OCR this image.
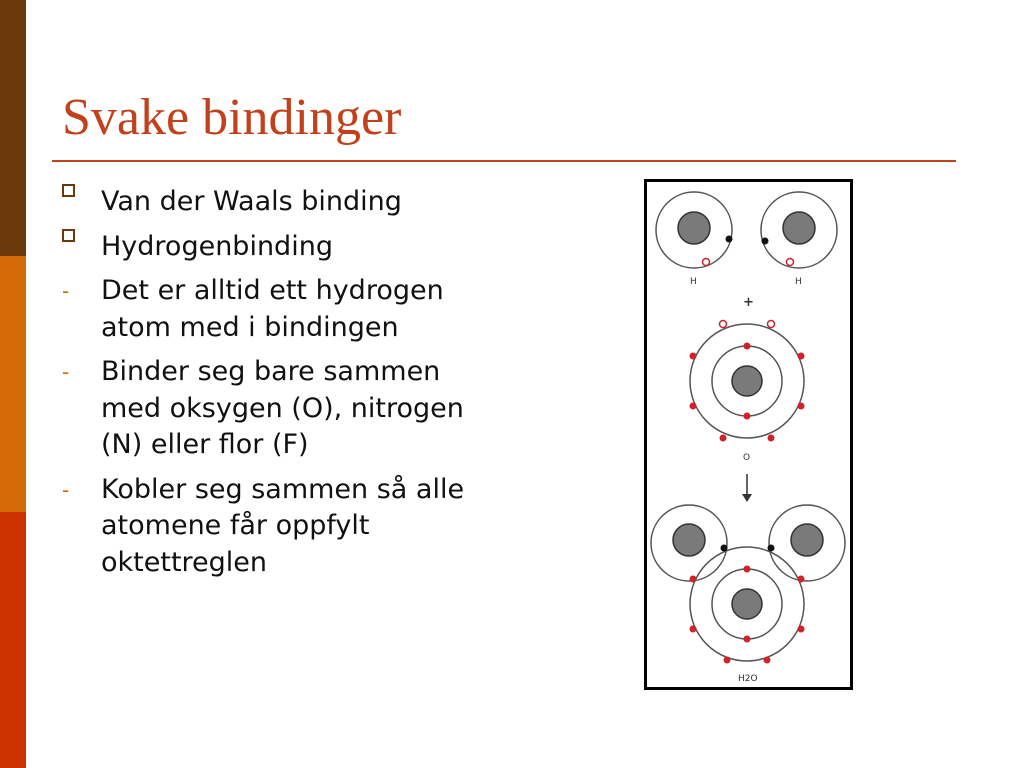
Svake bindinger
Van der Waals binding
Hydrogenbinding
- Det er alltid ett hydrogen atom med i bindingen
- Binder seg bare sammen med oksygen (O), nitrogen (N) eller flor (F)
- Kobler seg sammen så alle atomene får oppfylt oktettreglen
H	H
+
O
H2O
